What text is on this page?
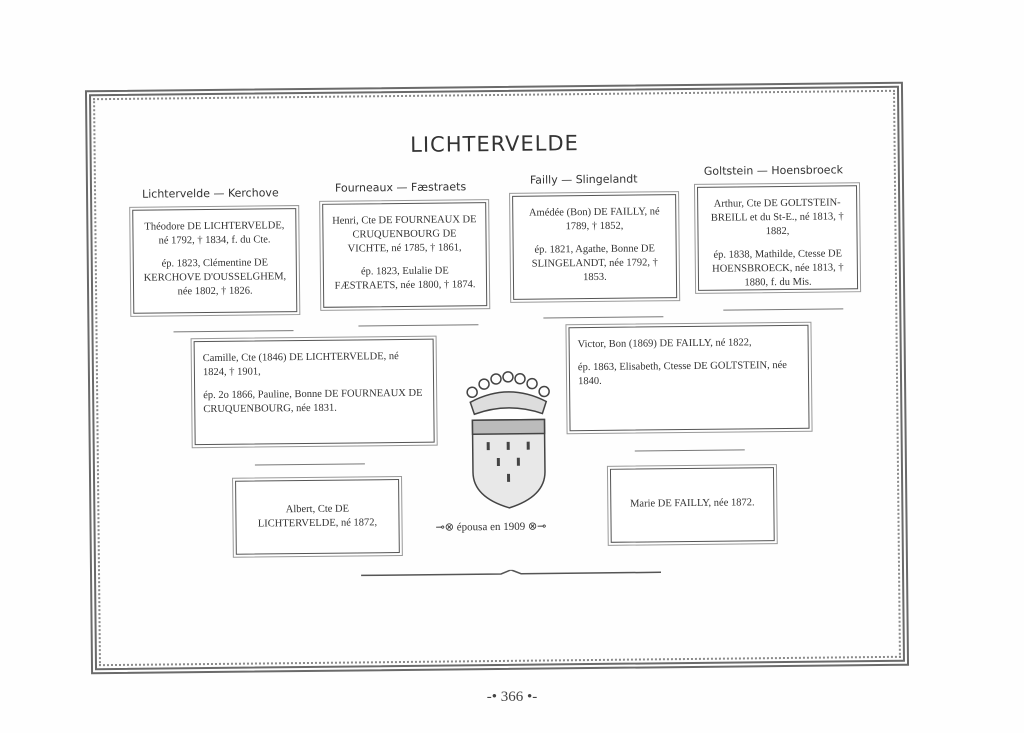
LICHTERVELDE
Lichtervelde — Kerchove	Fourneaux — Fæstraets
Failly — Slingelandt
Goltstein — Hoensbroeck

Théodore DE LICHTERVELDE, né 1792, † 1834, f. du Cte.

ép. 1823, Clémentine DE KERCHOVE D'OUSSELGHEM, née 1802, † 1826.

Henri, Cte DE FOURNEAUX DE CRUQUENBOURG DE VICHTE, né 1785, † 1861,

ép. 1823, Eulalie DE FÆSTRAETS, née 1800, † 1874.

Amédée (Bon) DE FAILLY, né 1789, † 1852,

ép. 1821, Agathe, Bonne DE SLINGELANDT, née 1792, † 1853.

Arthur, Cte DE GOLTSTEIN-BREILL et du St-E., né 1813, † 1882,

ép. 1838, Mathilde, Ctesse DE HOENSBROECK, née 1813, † 1880, f. du Mis.

Camille, Cte (1846) DE LICHTERVELDE, né 1824, † 1901,

ép. 2o 1866, Pauline, Bonne DE FOURNEAUX DE CRUQUENBOURG, née 1831.

Victor, Bon (1869) DE FAILLY, né 1822,

ép. 1863, Elisabeth, Ctesse DE GOLTSTEIN, née 1840.

Albert, Cte DE LICHTERVELDE, né 1872,

Marie DE FAILLY, née 1872.

⊸⊗ épousa en 1909 ⊗⊸
-• 366 •-
